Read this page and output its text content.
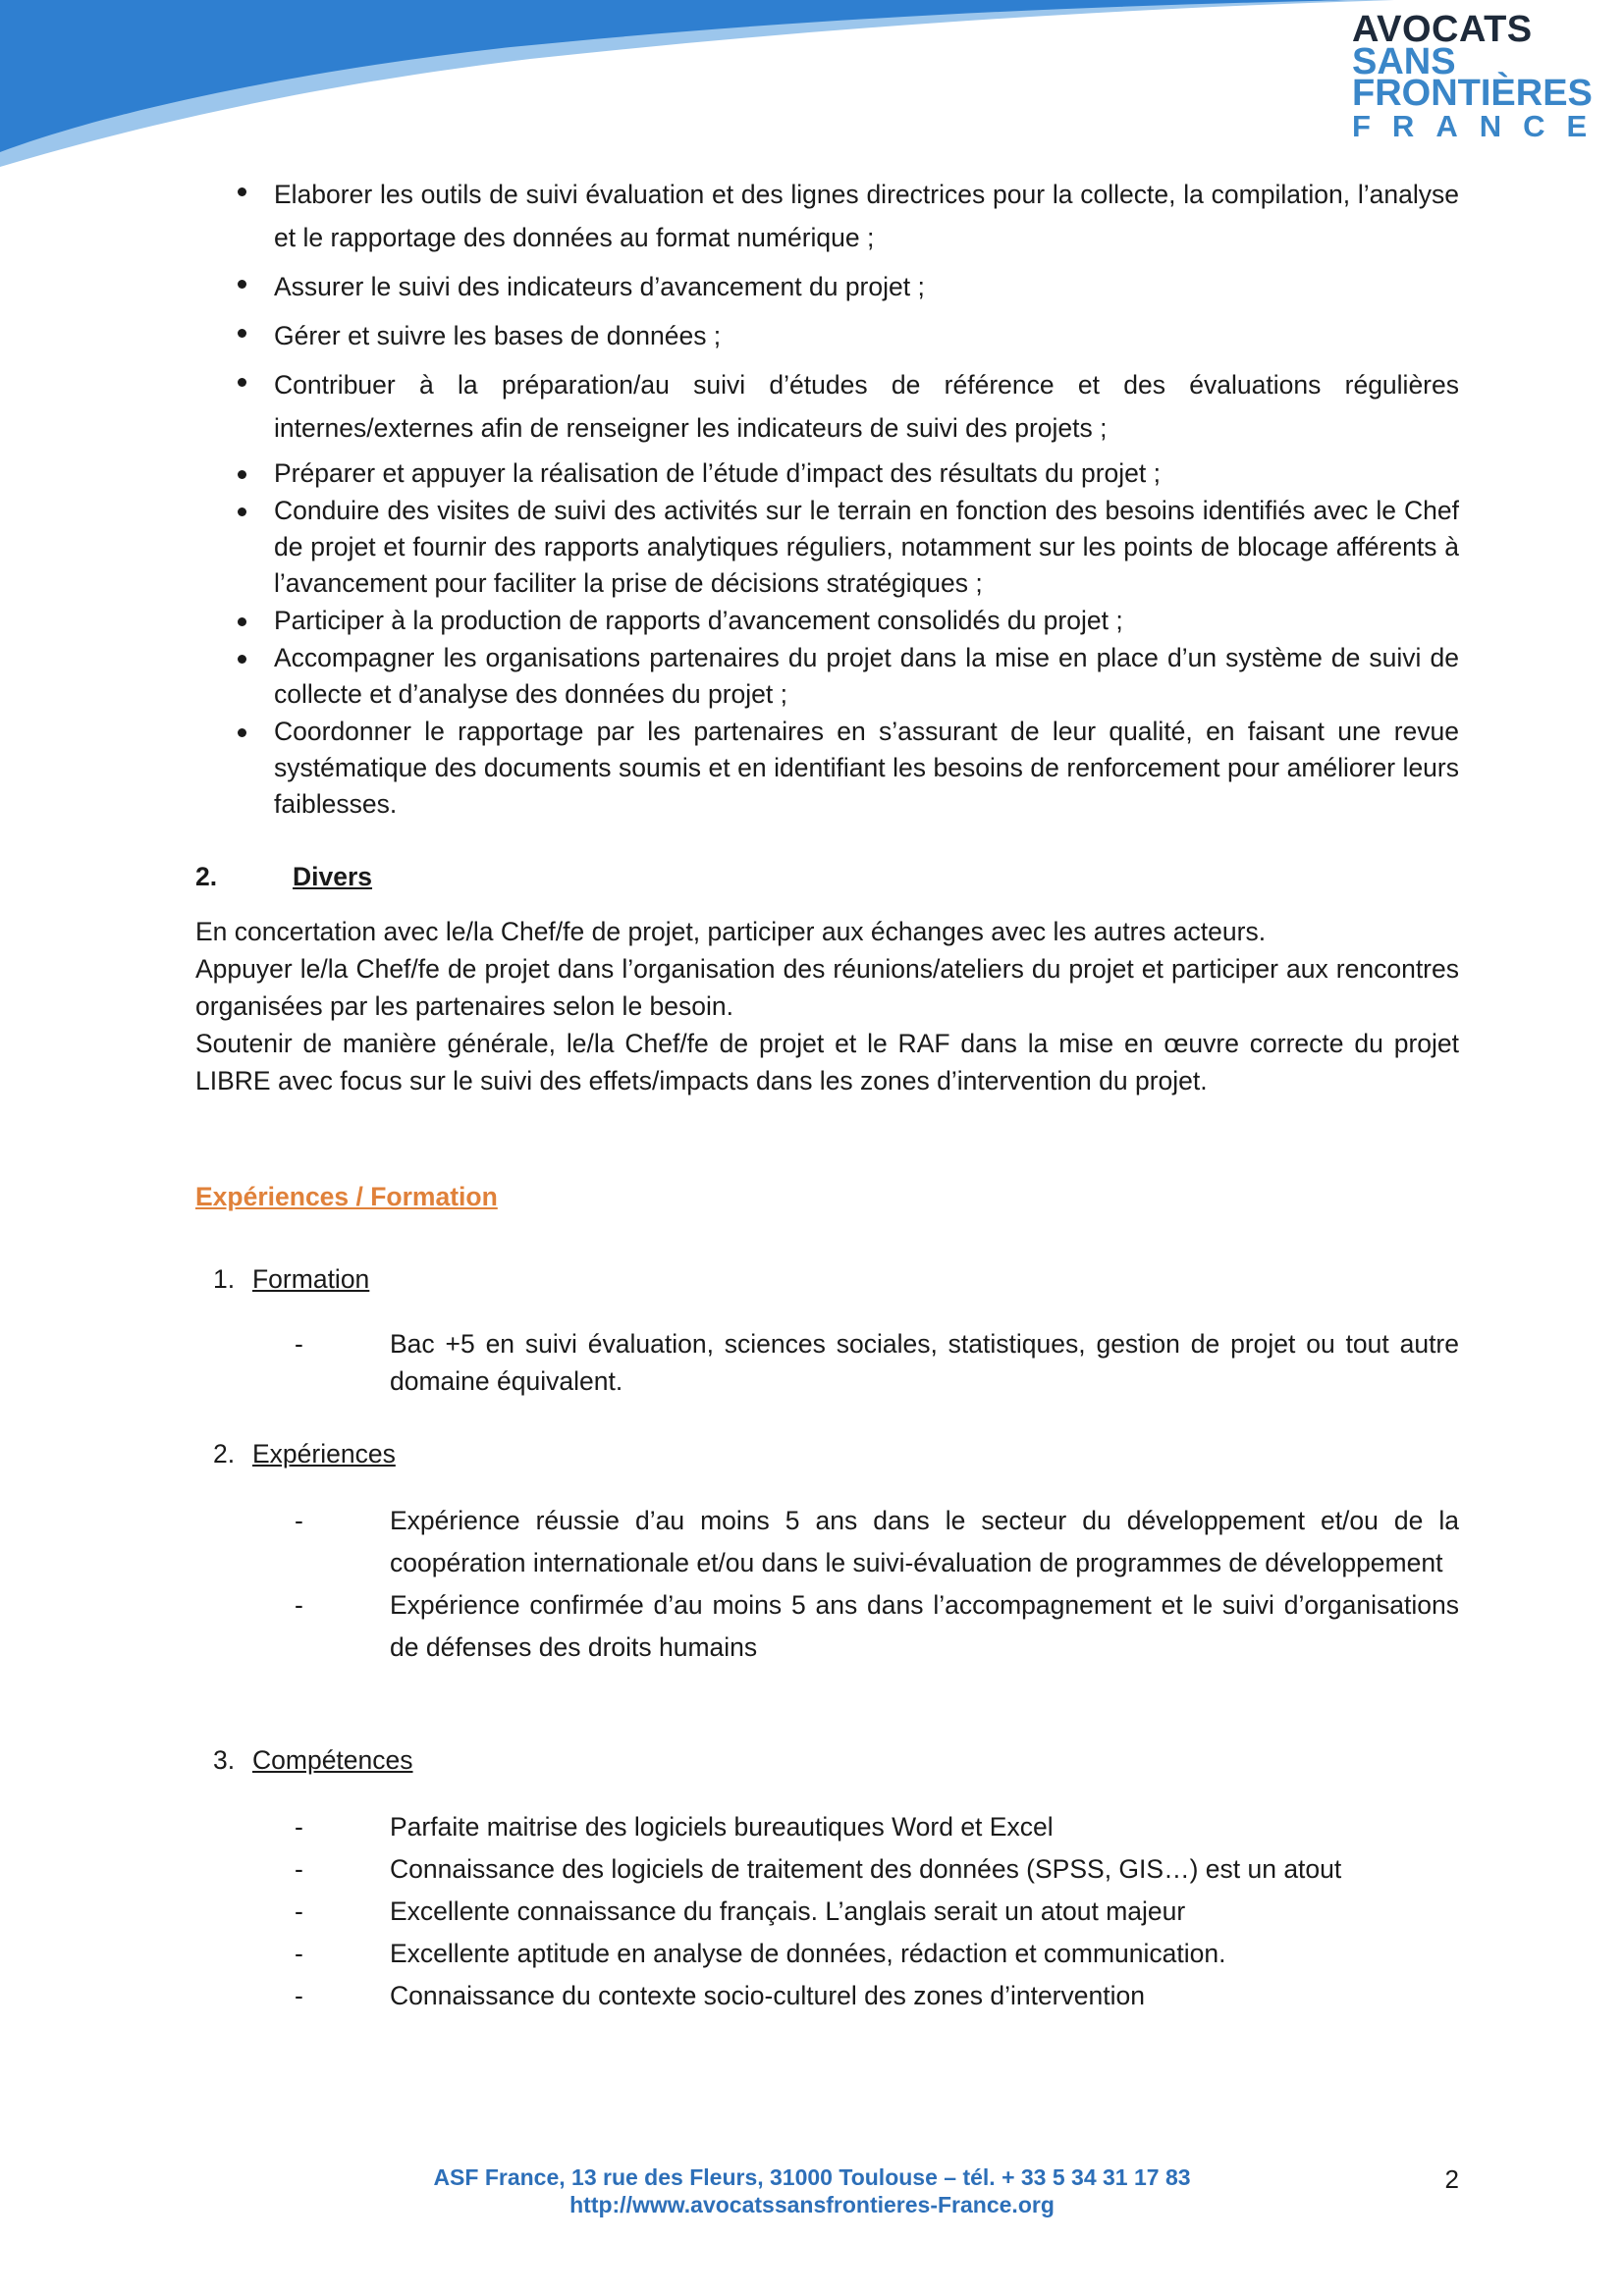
AVOCATS
SANS
FRONTIÈRES
FRANCE
Elaborer les outils de suivi évaluation et des lignes directrices pour la collecte, la compilation, l’analyse et le rapportage des données au format numérique ;
Assurer le suivi des indicateurs d’avancement du projet ;
Gérer et suivre les bases de données ;
Contribuer à la préparation/au suivi d’études de référence et des évaluations régulières internes/externes afin de renseigner les indicateurs de suivi des projets ;
Préparer et appuyer la réalisation de l’étude d’impact des résultats du projet ;
Conduire des visites de suivi des activités sur le terrain en fonction des besoins identifiés avec le Chef de projet et fournir des rapports analytiques réguliers, notamment sur les points de blocage afférents à l’avancement pour faciliter la prise de décisions stratégiques ;
Participer à la production de rapports d’avancement consolidés du projet ;
Accompagner les organisations partenaires du projet dans la mise en place d’un système de suivi de collecte et d’analyse des données du projet ;
Coordonner le rapportage par les partenaires en s’assurant de leur qualité, en faisant une revue systématique des documents soumis et en identifiant les besoins de renforcement pour améliorer leurs faiblesses.
2.	Divers

En concertation avec le/la Chef/fe de projet, participer aux échanges avec les autres acteurs.

Appuyer le/la Chef/fe de projet dans l’organisation des réunions/ateliers du projet et participer aux rencontres organisées par les partenaires selon le besoin.

Soutenir de manière générale, le/la Chef/fe de projet et le RAF dans la mise en œuvre correcte du projet LIBRE avec focus sur le suivi des effets/impacts dans les zones d’intervention du projet.

Expériences / Formation
1. Formation
- Bac +5 en suivi évaluation, sciences sociales, statistiques, gestion de projet ou tout autre domaine équivalent.
2. Expériences
- Expérience réussie d’au moins 5 ans dans le secteur du développement et/ou de la coopération internationale et/ou dans le suivi-évaluation de programmes de développement
- Expérience confirmée d’au moins 5 ans dans l’accompagnement et le suivi d’organisations de défenses des droits humains
3. Compétences
- Parfaite maitrise des logiciels bureautiques Word et Excel
- Connaissance des logiciels de traitement des données (SPSS, GIS…) est un atout
- Excellente connaissance du français. L’anglais serait un atout majeur
- Excellente aptitude en analyse de données, rédaction et communication.
- Connaissance du contexte socio-culturel des zones d’intervention
ASF France, 13 rue des Fleurs, 31000 Toulouse – tél. + 33 5 34 31 17 83
http://www.avocatssansfrontieres-France.org
2
